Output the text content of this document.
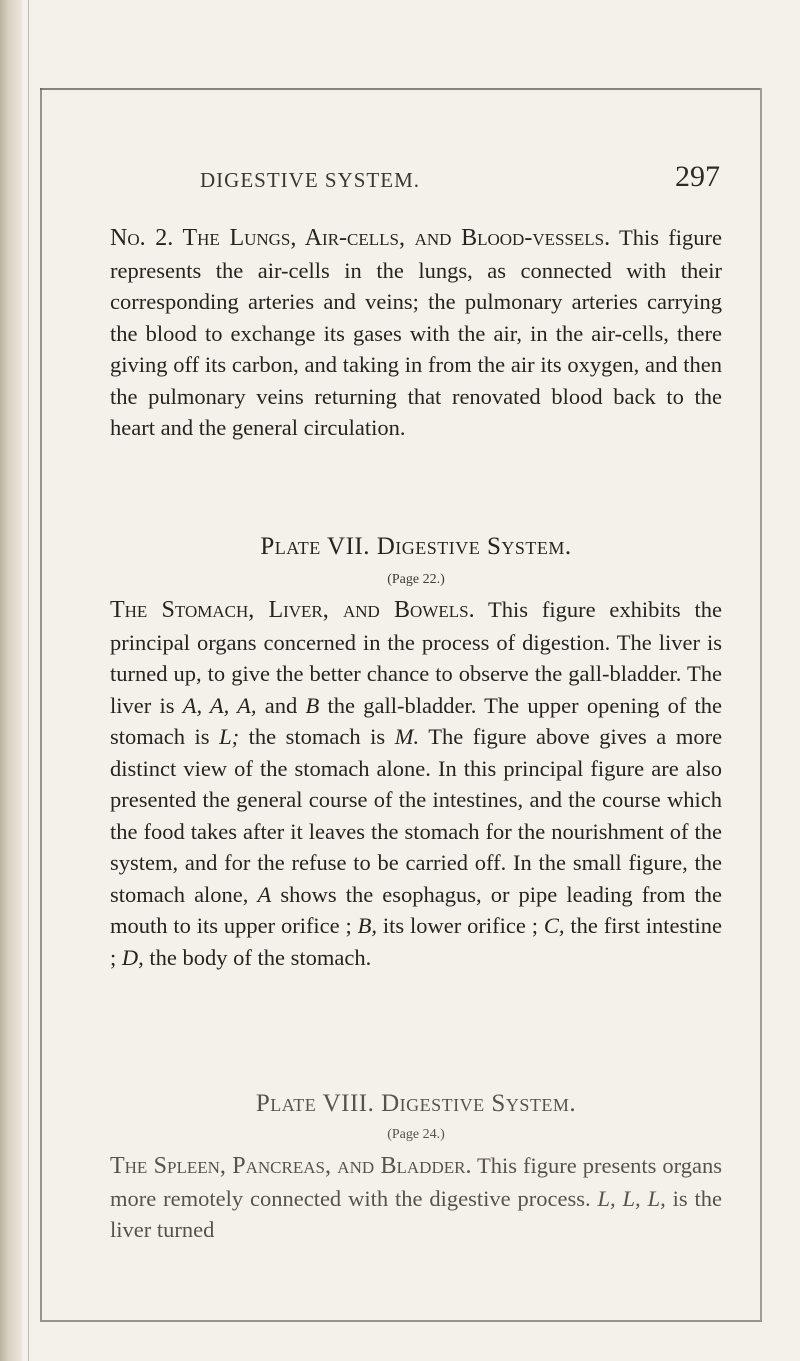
DIGESTIVE SYSTEM.	297

No. 2. The Lungs, Air-cells, and Blood-vessels. This figure represents the air-cells in the lungs, as connected with their corresponding arteries and veins; the pulmonary arteries carrying the blood to exchange its gases with the air, in the air-cells, there giving off its carbon, and taking in from the air its oxygen, and then the pulmonary veins returning that renovated blood back to the heart and the general circulation.

Plate VII. Digestive System.
(Page 22.)

The Stomach, Liver, and Bowels. This figure exhibits the principal organs concerned in the process of digestion. The liver is turned up, to give the better chance to observe the gall-bladder. The liver is A, A, A, and B the gall-bladder. The upper opening of the stomach is L; the stomach is M. The figure above gives a more distinct view of the stomach alone. In this principal figure are also presented the general course of the intestines, and the course which the food takes after it leaves the stomach for the nourishment of the system, and for the refuse to be carried off. In the small figure, the stomach alone, A shows the esophagus, or pipe leading from the mouth to its upper orifice ; B, its lower orifice ; C, the first intestine ; D, the body of the stomach.

Plate VIII. Digestive System.
(Page 24.)

The Spleen, Pancreas, and Bladder. This figure presents organs more remotely connected with the digestive process. L, L, L, is the liver turned
